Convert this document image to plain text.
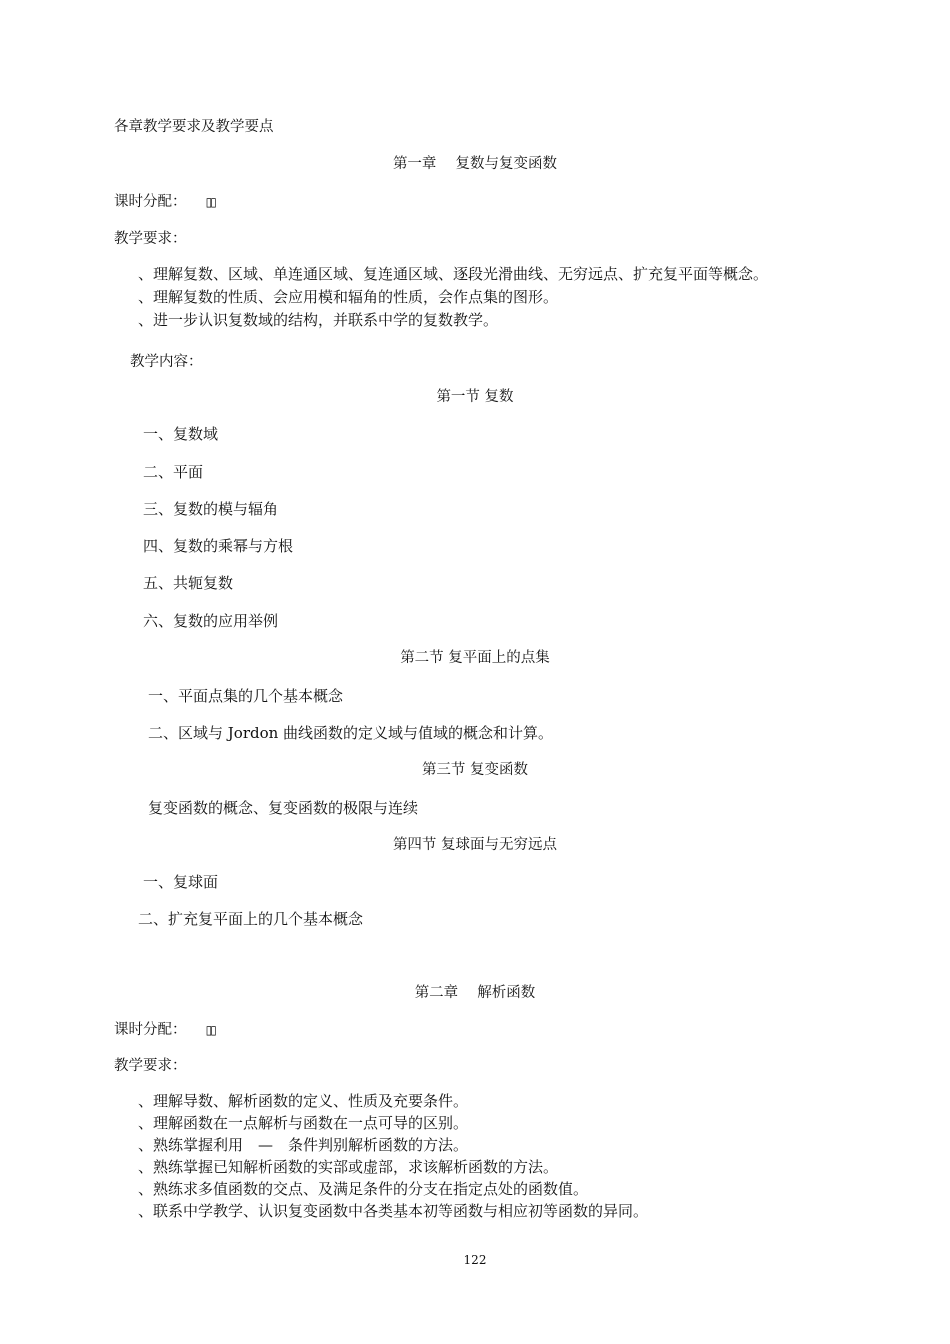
各章教学要求及教学要点
第一章　 复数与复变函数
课时分配： ▯▯
教学要求：
、理解复数、区域、单连通区域、复连通区域、逐段光滑曲线、无穷远点、扩充复平面等概念。
、理解复数的性质、会应用模和辐角的性质，会作点集的图形。
、进一步认识复数域的结构，并联系中学的复数教学。
教学内容：
第一节 复数
一、复数域
二、平面
三、复数的模与辐角
四、复数的乘幂与方根
五、共轭复数
六、复数的应用举例
第二节 复平面上的点集
一、平面点集的几个基本概念
二、区域与 Jordon 曲线函数的定义域与值域的概念和计算。
第三节 复变函数
复变函数的概念、复变函数的极限与连续
第四节 复球面与无穷远点
一、复球面
二、扩充复平面上的几个基本概念
第二章　 解析函数
课时分配： ▯▯
教学要求：
、理解导数、解析函数的定义、性质及充要条件。
、理解函数在一点解析与函数在一点可导的区别。
、熟练掌握利用　—　条件判别解析函数的方法。
、熟练掌握已知解析函数的实部或虚部，求该解析函数的方法。
、熟练求多值函数的交点、及满足条件的分支在指定点处的函数值。
、联系中学教学、认识复变函数中各类基本初等函数与相应初等函数的异同。
122
